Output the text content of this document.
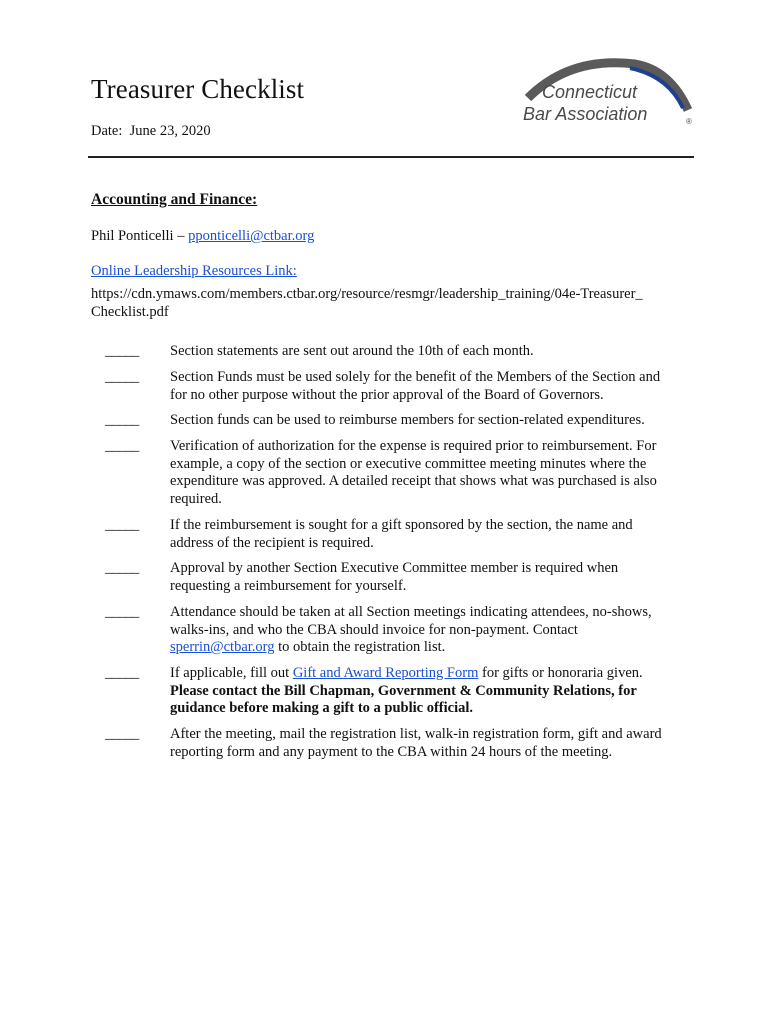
Treasurer Checklist
Date: June 23, 2020
Connecticut
Bar Association	®
Accounting and Finance:
Phil Ponticelli – pponticelli@ctbar.org
Online Leadership Resources Link:
https://cdn.ymaws.com/members.ctbar.org/resource/resmgr/leadership_training/04e-Treasurer_Checklist.pdf
_____ Section statements are sent out around the 10th of each month.
_____ Section Funds must be used solely for the benefit of the Members of the Section and for no other purpose without the prior approval of the Board of Governors.
_____ Section funds can be used to reimburse members for section-related expenditures.
_____ Verification of authorization for the expense is required prior to reimbursement. For example, a copy of the section or executive committee meeting minutes where the expenditure was approved. A detailed receipt that shows what was purchased is also required.
_____ If the reimbursement is sought for a gift sponsored by the section, the name and address of the recipient is required.
_____ Approval by another Section Executive Committee member is required when requesting a reimbursement for yourself.
_____ Attendance should be taken at all Section meetings indicating attendees, no-shows, walks-ins, and who the CBA should invoice for non-payment. Contact sperrin@ctbar.org to obtain the registration list.
_____ If applicable, fill out Gift and Award Reporting Form for gifts or honoraria given. Please contact the Bill Chapman, Government & Community Relations, for guidance before making a gift to a public official.
_____ After the meeting, mail the registration list, walk-in registration form, gift and award reporting form and any payment to the CBA within 24 hours of the meeting.
